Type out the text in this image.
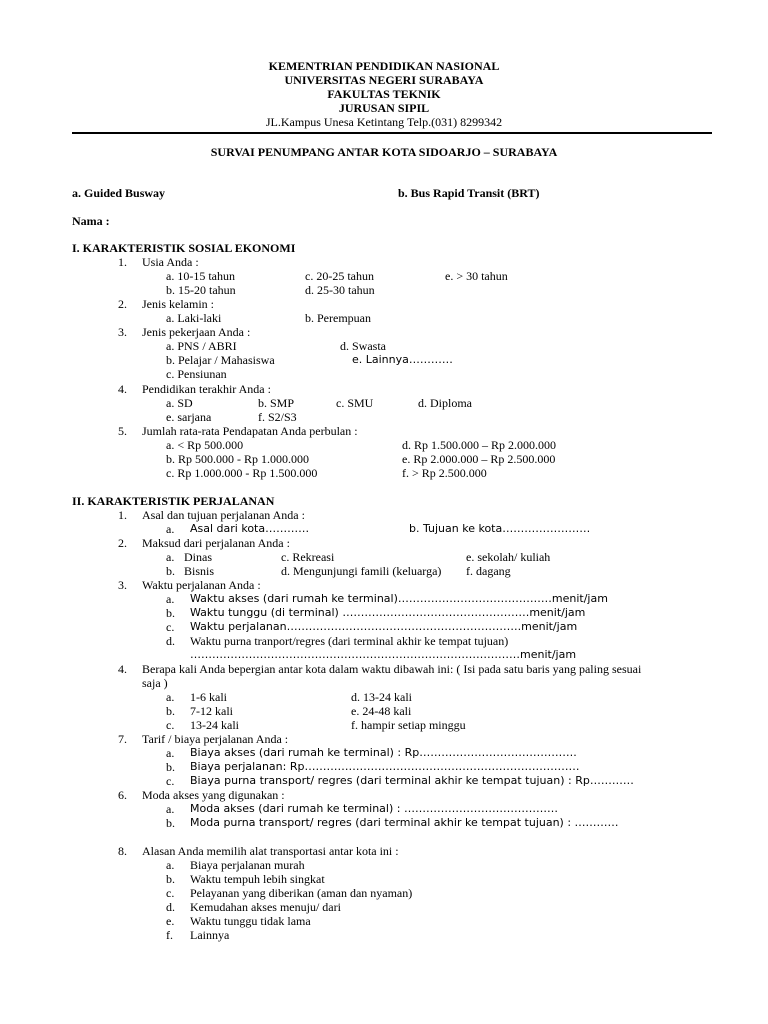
KEMENTRIAN PENDIDIKAN NASIONAL
UNIVERSITAS NEGERI SURABAYA
FAKULTAS TEKNIK
JURUSAN SIPIL
JL.Kampus Unesa Ketintang Telp.(031) 8299342
SURVAI PENUMPANG ANTAR KOTA SIDOARJO – SURABAYA
a. Guided Busway	b. Bus Rapid Transit (BRT)
Nama :
I. KARAKTERISTIK SOSIAL EKONOMI
1. Usia Anda :
a. 10-15 tahun	c. 20-25 tahun	e. > 30 tahun
b. 15-20 tahun	d. 25-30 tahun
2. Jenis kelamin :
a. Laki-laki	b. Perempuan
3. Jenis pekerjaan Anda :
a. PNS / ABRI	d. Swasta
b. Pelajar / Mahasiswa	e. Lainnya…………
c. Pensiunan
4. Pendidikan terakhir Anda :
a. SD	b. SMP	c. SMU	d. Diploma
e. sarjana	f. S2/S3
5. Jumlah rata-rata Pendapatan Anda perbulan :
a. < Rp 500.000	d. Rp 1.500.000 – Rp 2.000.000
b. Rp 500.000 - Rp 1.000.000	e. Rp 2.000.000 – Rp 2.500.000
c. Rp 1.000.000 - Rp 1.500.000	f. > Rp 2.500.000
II. KARAKTERISTIK PERJALANAN
1. Asal dan tujuan perjalanan Anda :
a. Asal dari kota…………	b. Tujuan ke kota……………………
2. Maksud dari perjalanan Anda :
a. Dinas	c. Rekreasi	e. sekolah/ kuliah
b. Bisnis	d. Mengunjungi famili (keluarga) f. dagang
3. Waktu perjalanan Anda :
a. Waktu akses (dari rumah ke terminal)……………………………………menit/jam
b. Waktu tunggu (di terminal) ……………………………………………menit/jam
c. Waktu perjalanan……………………………………………………….menit/jam
d. Waktu purna tranport/regres (dari terminal akhir ke tempat tujuan)
………………………………………………………………………………menit/jam
4. Berapa kali Anda bepergian antar kota dalam waktu dibawah ini: ( Isi pada satu baris yang paling sesuai
saja )
a. 1-6 kali	d. 13-24 kali
b. 7-12 kali	e. 24-48 kali
c. 13-24 kali	f. hampir setiap minggu
7. Tarif / biaya perjalanan Anda :
a. Biaya akses (dari rumah ke terminal) : Rp…………………………………….
b. Biaya perjalanan: Rp…………………………………………………………………
c. Biaya purna transport/ regres (dari terminal akhir ke tempat tujuan) : Rp…………
6. Moda akses yang digunakan :
a. Moda akses (dari rumah ke terminal) : ……………………………………
b. Moda purna transport/ regres (dari terminal akhir ke tempat tujuan) : …………
8. Alasan Anda memilih alat transportasi antar kota ini :
a. Biaya perjalanan murah
b. Waktu tempuh lebih singkat
c. Pelayanan yang diberikan (aman dan nyaman)
d. Kemudahan akses menuju/ dari
e. Waktu tunggu tidak lama
f. Lainnya
